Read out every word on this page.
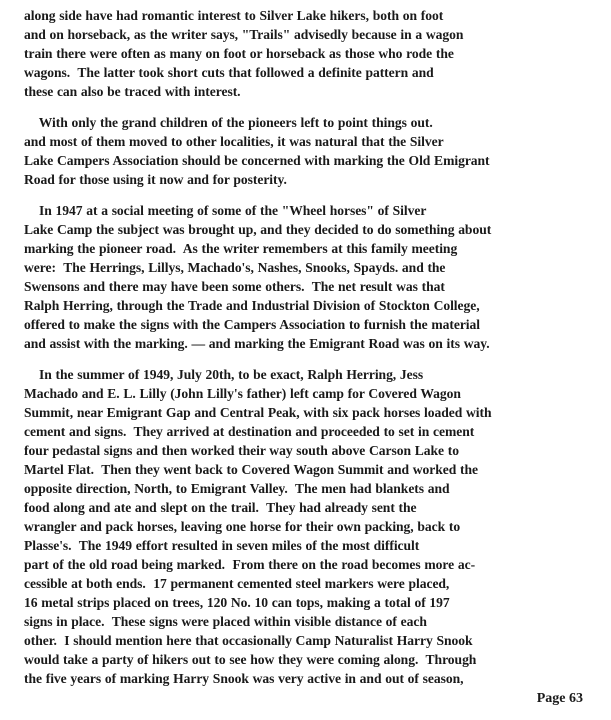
along side have had romantic interest to Silver Lake hikers, both on foot
and on horseback, as the writer says, "Trails" advisedly because in a wagon
train there were often as many on foot or horseback as those who rode the
wagons.  The latter took short cuts that followed a definite pattern and
these can also be traced with interest.
With only the grand children of the pioneers left to point things out.
and most of them moved to other localities, it was natural that the Silver
Lake Campers Association should be concerned with marking the Old Emigrant
Road for those using it now and for posterity.
In 1947 at a social meeting of some of the "Wheel horses" of Silver
Lake Camp the subject was brought up, and they decided to do something about
marking the pioneer road.  As the writer remembers at this family meeting
were:  The Herrings, Lillys, Machado's, Nashes, Snooks, Spayds. and the
Swensons and there may have been some others.  The net result was that
Ralph Herring, through the Trade and Industrial Division of Stockton College,
offered to make the signs with the Campers Association to furnish the material
and assist with the marking. — and marking the Emigrant Road was on its way.
In the summer of 1949, July 20th, to be exact, Ralph Herring, Jess
Machado and E. L. Lilly (John Lilly's father) left camp for Covered Wagon
Summit, near Emigrant Gap and Central Peak, with six pack horses loaded with
cement and signs.  They arrived at destination and proceeded to set in cement
four pedastal signs and then worked their way south above Carson Lake to
Martel Flat.  Then they went back to Covered Wagon Summit and worked the
opposite direction, North, to Emigrant Valley.  The men had blankets and
food along and ate and slept on the trail.  They had already sent the
wrangler and pack horses, leaving one horse for their own packing, back to
Plasse's.  The 1949 effort resulted in seven miles of the most difficult
part of the old road being marked.  From there on the road becomes more ac-
cessible at both ends.  17 permanent cemented steel markers were placed,
16 metal strips placed on trees, 120 No. 10 can tops, making a total of 197
signs in place.  These signs were placed within visible distance of each
other.  I should mention here that occasionally Camp Naturalist Harry Snook
would take a party of hikers out to see how they were coming along.  Through
the five years of marking Harry Snook was very active in and out of season,
Page 63
